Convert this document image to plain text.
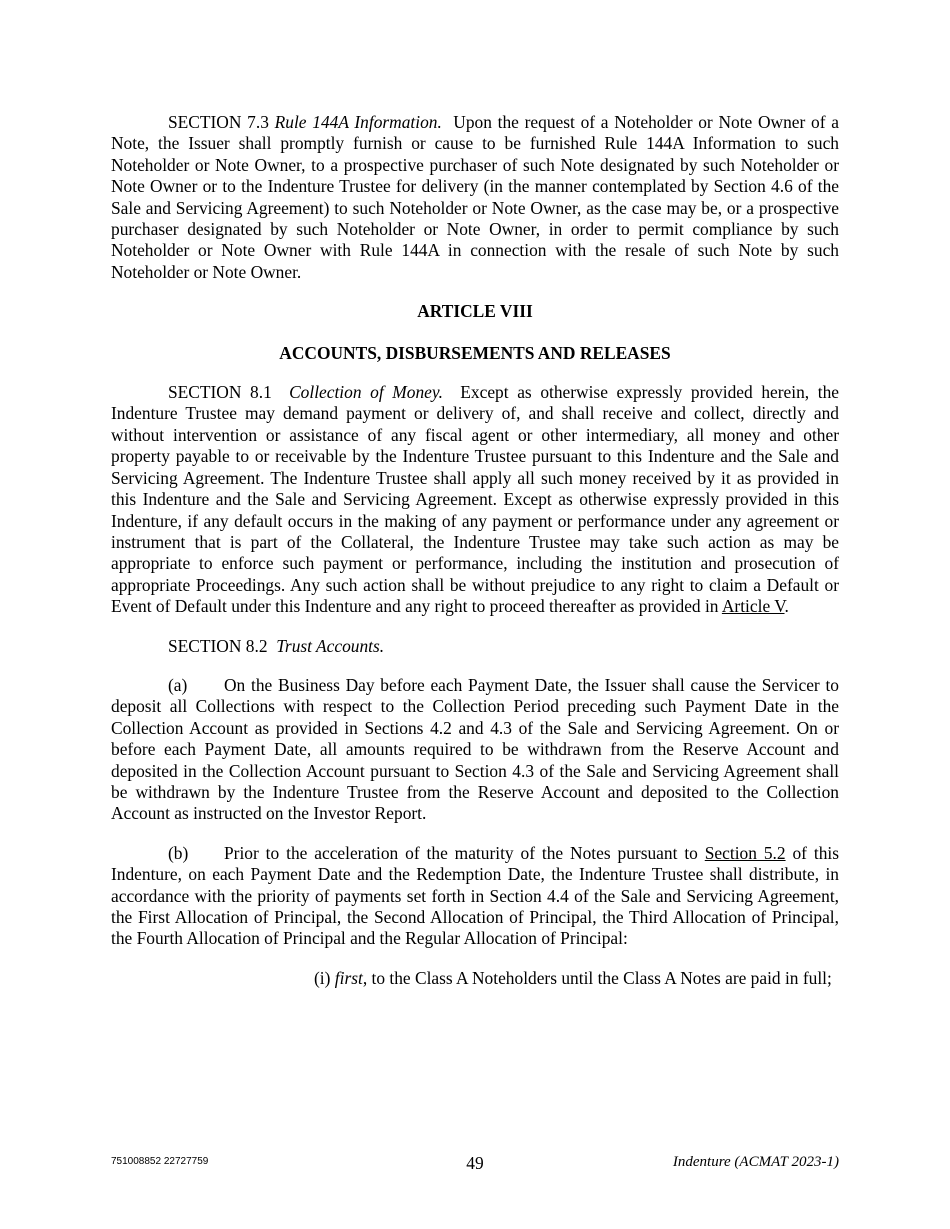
SECTION 7.3 Rule 144A Information. Upon the request of a Noteholder or Note Owner of a Note, the Issuer shall promptly furnish or cause to be furnished Rule 144A Information to such Noteholder or Note Owner, to a prospective purchaser of such Note designated by such Noteholder or Note Owner or to the Indenture Trustee for delivery (in the manner contemplated by Section 4.6 of the Sale and Servicing Agreement) to such Noteholder or Note Owner, as the case may be, or a prospective purchaser designated by such Noteholder or Note Owner, in order to permit compliance by such Noteholder or Note Owner with Rule 144A in connection with the resale of such Note by such Noteholder or Note Owner.

ARTICLE VIII

ACCOUNTS, DISBURSEMENTS AND RELEASES

SECTION 8.1 Collection of Money. Except as otherwise expressly provided herein, the Indenture Trustee may demand payment or delivery of, and shall receive and collect, directly and without intervention or assistance of any fiscal agent or other intermediary, all money and other property payable to or receivable by the Indenture Trustee pursuant to this Indenture and the Sale and Servicing Agreement. The Indenture Trustee shall apply all such money received by it as provided in this Indenture and the Sale and Servicing Agreement. Except as otherwise expressly provided in this Indenture, if any default occurs in the making of any payment or performance under any agreement or instrument that is part of the Collateral, the Indenture Trustee may take such action as may be appropriate to enforce such payment or performance, including the institution and prosecution of appropriate Proceedings. Any such action shall be without prejudice to any right to claim a Default or Event of Default under this Indenture and any right to proceed thereafter as provided in Article V.

SECTION 8.2 Trust Accounts.

(a) On the Business Day before each Payment Date, the Issuer shall cause the Servicer to deposit all Collections with respect to the Collection Period preceding such Payment Date in the Collection Account as provided in Sections 4.2 and 4.3 of the Sale and Servicing Agreement. On or before each Payment Date, all amounts required to be withdrawn from the Reserve Account and deposited in the Collection Account pursuant to Section 4.3 of the Sale and Servicing Agreement shall be withdrawn by the Indenture Trustee from the Reserve Account and deposited to the Collection Account as instructed on the Investor Report.

(b) Prior to the acceleration of the maturity of the Notes pursuant to Section 5.2 of this Indenture, on each Payment Date and the Redemption Date, the Indenture Trustee shall distribute, in accordance with the priority of payments set forth in Section 4.4 of the Sale and Servicing Agreement, the First Allocation of Principal, the Second Allocation of Principal, the Third Allocation of Principal, the Fourth Allocation of Principal and the Regular Allocation of Principal:

(i) first, to the Class A Noteholders until the Class A Notes are paid in full;

751008852 22727759	49	Indenture (ACMAT 2023-1)
